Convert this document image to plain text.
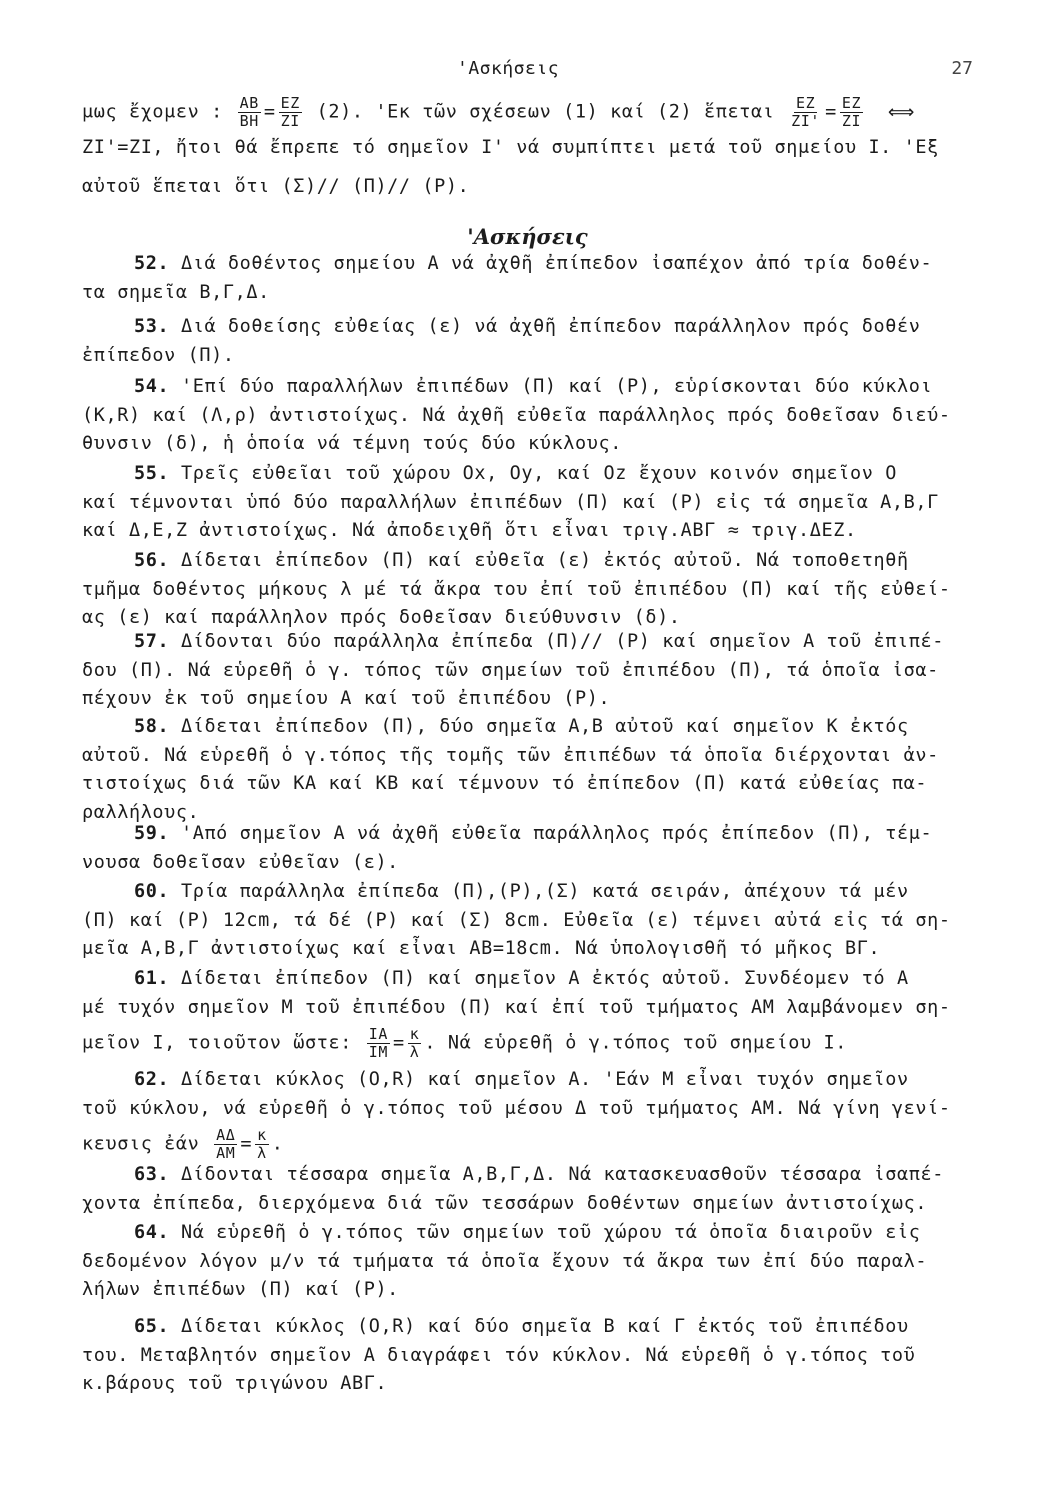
'Ασκήσεις	27
μως ἔχομεν : $\frac{AB}{BH} = \frac{EZ}{ZI} (2)$. 'Εκ τῶν σχέσεων (1) καί (2) ἕπεται $\frac{EZ}{ZI'} = \frac{EZ}{ZI}$ ⟺
ZI'=ZI, ἤτοι θά ἔπρεπε τό σημεῖον I' νά συμπίπτει μετά τοῦ σημείου I. 'Εξ
αὐτοῦ ἕπεται ὅτι (Σ)// (Π)// (P).
'Ασκήσεις
52. Διά δοθέντος σημείου A νά ἀχθῆ ἐπίπεδον ἰσαπέχον ἀπό τρία δοθέν-
τα σημεῖα B,Γ,Δ.
53. Διά δοθείσης εὐθείας (ε) νά ἀχθῆ ἐπίπεδον παράλληλον πρός δοθέν
ἐπίπεδον (Π).
54. 'Επί δύο παραλλήλων ἐπιπέδων (Π) καί (P), εὑρίσκονται δύο κύκλοι
(K,R) καί (Λ,ρ) ἀντιστοίχως. Νά ἀχθῆ εὐθεῖα παράλληλος πρός δοθεῖσαν διεύ-
θυνσιν (δ), ἡ ὁποία νά τέμνη τούς δύο κύκλους.
55. Τρεῖς εὐθεῖαι τοῦ χώρου Ox, Oy, καί Oz ἔχουν κοινόν σημεῖον O
καί τέμνονται ὑπό δύο παραλλήλων ἐπιπέδων (Π) καί (P) εἰς τά σημεῖα A,B,Γ
καί Δ,E,Z ἀντιστοίχως. Νά ἀποδειχθῆ ὅτι εἶναι τριγ.ΑΒΓ ≈ τριγ.ΔΕΖ.
56. Δίδεται ἐπίπεδον (Π) καί εὐθεῖα (ε) ἐκτός αὐτοῦ. Νά τοποθετηθῆ
τμῆμα δοθέντος μήκους λ μέ τά ἄκρα του ἐπί τοῦ ἐπιπέδου (Π) καί τῆς εὐθεί-
ας (ε) καί παράλληλον πρός δοθεῖσαν διεύθυνσιν (δ).
57. Δίδονται δύο παράλληλα ἐπίπεδα (Π)// (P) καί σημεῖον A τοῦ ἐπιπέ-
δου (Π). Νά εὑρεθῆ ὁ γ. τόπος τῶν σημείων τοῦ ἐπιπέδου (Π), τά ὁποῖα ἰσα-
πέχουν ἐκ τοῦ σημείου A καί τοῦ ἐπιπέδου (P).
58. Δίδεται ἐπίπεδον (Π), δύο σημεῖα A,B αὐτοῦ καί σημεῖον K ἐκτός
αὐτοῦ. Νά εὑρεθῆ ὁ γ.τόπος τῆς τομῆς τῶν ἐπιπέδων τά ὁποῖα διέρχονται ἀν-
τιστοίχως διά τῶν KA καί KB καί τέμνουν τό ἐπίπεδον (Π) κατά εὐθείας πα-
ραλλήλους.
59. 'Από σημεῖον A νά ἀχθῆ εὐθεῖα παράλληλος πρός ἐπίπεδον (Π), τέμ-
νουσα δοθεῖσαν εὐθεῖαν (ε).
60. Τρία παράλληλα ἐπίπεδα (Π),(P),(Σ) κατά σειράν, ἀπέχουν τά μέν
(Π) καί (P) 12cm, τά δέ (P) καί (Σ) 8cm. Εὐθεῖα (ε) τέμνει αὐτά εἰς τά ση-
μεῖα A,B,Γ ἀντιστοίχως καί εἶναι AB=18cm. Νά ὑπολογισθῆ τό μῆκος ΒΓ.
61. Δίδεται ἐπίπεδον (Π) καί σημεῖον A ἐκτός αὐτοῦ. Συνδέομεν τό A
μέ τυχόν σημεῖον M τοῦ ἐπιπέδου (Π) καί ἐπί τοῦ τμήματος AM λαμβάνομεν ση-
μεῖον I, τοιοῦτον ὥστε: $\frac{IA}{IM} = \frac{\kappa}{\lambda}$ . Νά εὑρεθῆ ὁ γ.τόπος τοῦ σημείου I.
62. Δίδεται κύκλος (O,R) καί σημεῖον A. 'Εάν M εἶναι τυχόν σημεῖον
τοῦ κύκλου, νά εὑρεθῆ ὁ γ.τόπος τοῦ μέσου Δ τοῦ τμήματος AM. Νά γίνη γενί-
κευσις ἐάν $\frac{A\Delta}{AM} = \frac{\kappa}{\lambda}$ .
63. Δίδονται τέσσαρα σημεῖα A,B,Γ,Δ. Νά κατασκευασθοῦν τέσσαρα ἰσαπέ-
χοντα ἐπίπεδα, διερχόμενα διά τῶν τεσσάρων δοθέντων σημείων ἀντιστοίχως.
64. Νά εὑρεθῆ ὁ γ.τόπος τῶν σημείων τοῦ χώρου τά ὁποῖα διαιροῦν εἰς
δεδομένον λόγον μ/ν τά τμήματα τά ὁποῖα ἔχουν τά ἄκρα των ἐπί δύο παραλ-
λήλων ἐπιπέδων (Π) καί (P).
65. Δίδεται κύκλος (O,R) καί δύο σημεῖα B καί Γ ἐκτός τοῦ ἐπιπέδου
του. Μεταβλητόν σημεῖον A διαγράφει τόν κύκλον. Νά εὑρεθῆ ὁ γ.τόπος τοῦ
κ.βάρους τοῦ τριγώνου ΑΒΓ.
